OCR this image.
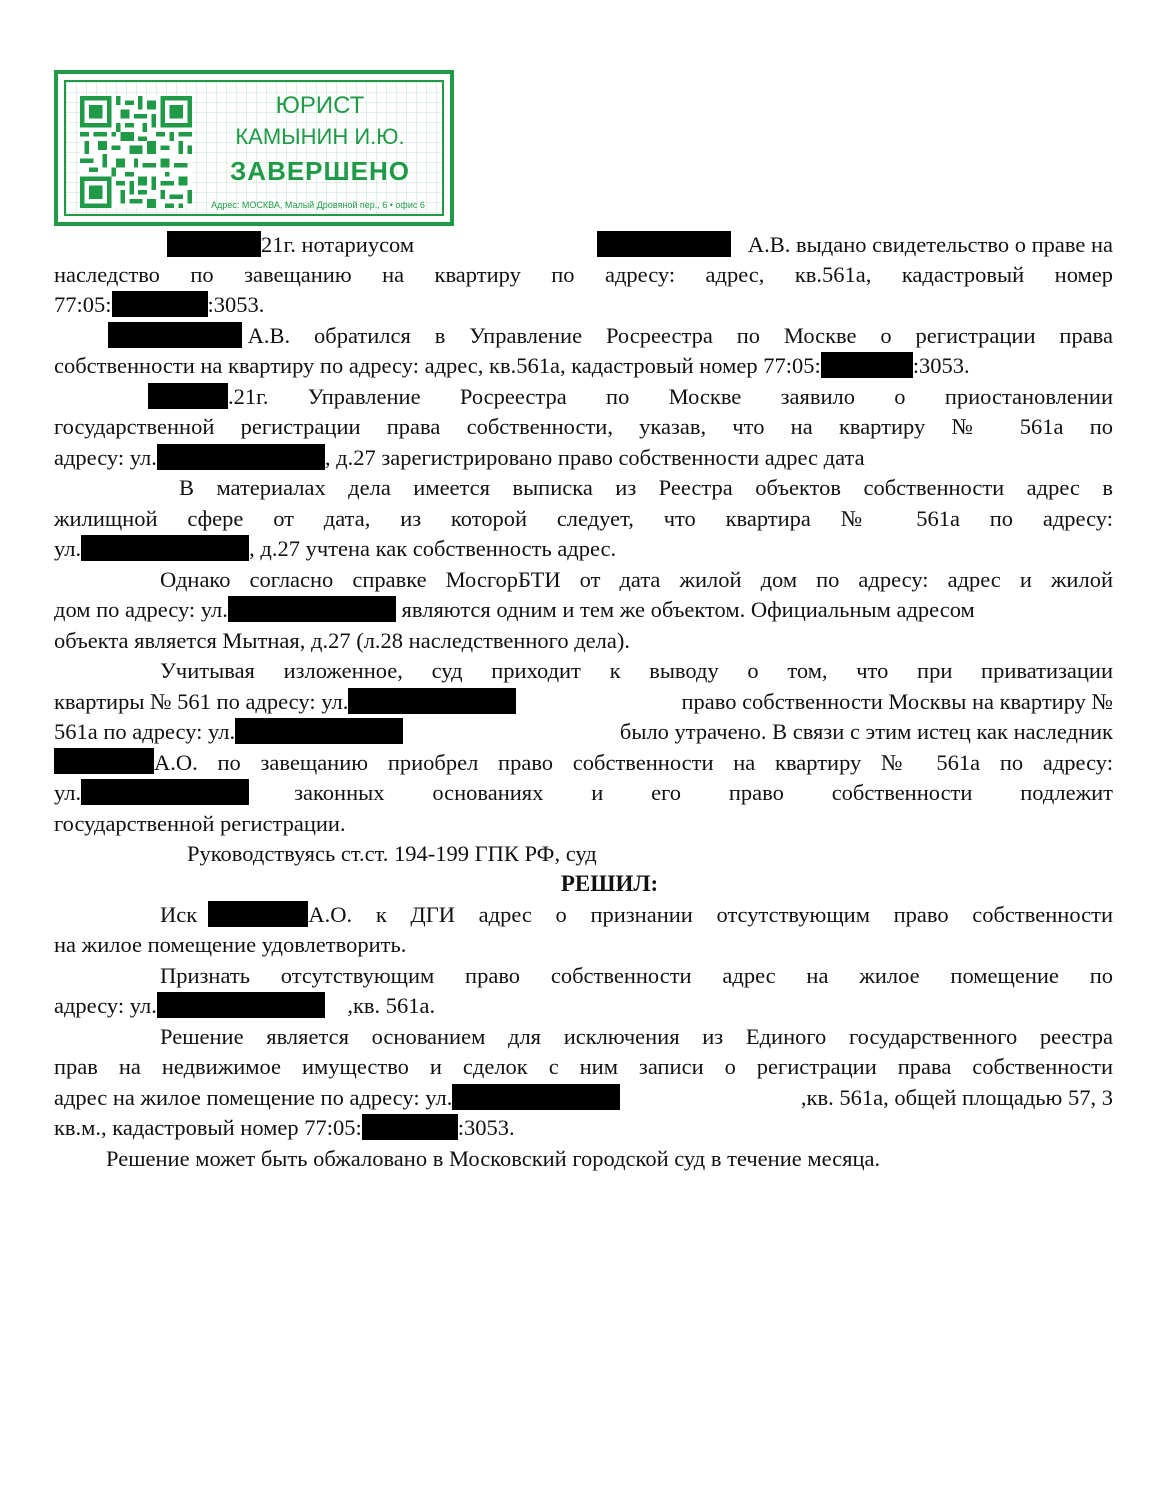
ЮРИСТ
КАМЫНИН И.Ю.
ЗАВЕРШЕНО
Адрес: МОСКВА, Малый Дровяной пер., 6 • офис 6
21г. нотариусом	А.В. выдано свидетельство о праве на
наследство по завещанию на квартиру по адресу: адрес, кв.561а, кадастровый номер
77:05:	:3053.

А.В. обратился в Управление Росреестра по Москве о регистрации права
собственности на квартиру по адресу: адрес, кв.561а, кадастровый номер 77:05:	:3053.
.21г. Управление Росреестра по Москве заявило о приостановлении
государственной регистрации права собственности, указав, что на квартиру № 561а по
адресу: ул.	, д.27 зарегистрировано право собственности адрес дата
В материалах дела имеется выписка из Реестра объектов собственности адрес в
жилищной сфере от дата, из которой следует, что квартира № 561а по адресу:
ул.	, д.27 учтена как собственность адрес.
Однако согласно справке МосгорБТИ от дата жилой дом по адресу: адрес и жилой
дом по адресу: ул.	являются одним и тем же объектом. Официальным адресом
объекта является Мытная, д.27 (л.28 наследственного дела).
Учитывая изложенное, суд приходит к выводу о том, что при приватизации
квартиры № 561 по адресу: ул.	право собственности Москвы на квартиру №
561а по адресу: ул.	было утрачено. В связи с этим истец как наследник
А.О. по завещанию приобрел право собственности на квартиру № 561а по адресу:
ул.	законных основаниях и его право собственности подлежит
государственной регистрации.
Руководствуясь ст.ст. 194-199 ГПК РФ, суд
РЕШИЛ:
Иск	А.О. к ДГИ адрес о признании отсутствующим право собственности
на жилое помещение удовлетворить.
Признать отсутствующим право собственности адрес на жилое помещение по
адресу: ул.	,кв. 561а.
Решение является основанием для исключения из Единого государственного реестра
прав на недвижимое имущество и сделок с ним записи о регистрации права собственности
адрес на жилое помещение по адресу: ул.	,кв. 561а, общей площадью 57, 3
кв.м., кадастровый номер 77:05:	:3053.
Решение может быть обжаловано в Московский городской суд в течение месяца.
